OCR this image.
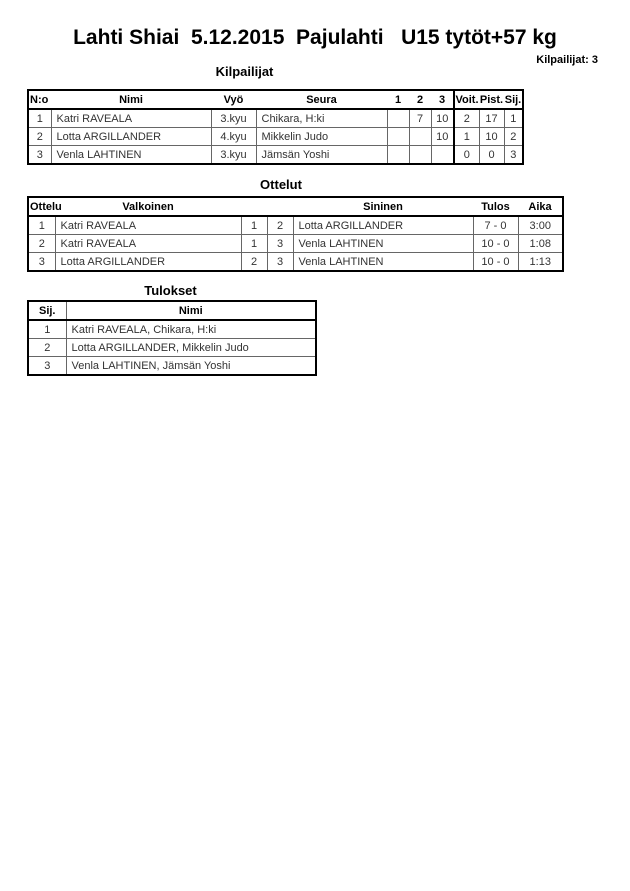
Lahti Shiai  5.12.2015  Pajulahti   U15 tytöt+57 kg
Kilpailijat: 3
Kilpailijat
N:o	Nimi	Vyö	Seura	1	2	3	Voit.	Pist.	Sij.
1	Katri RAVEALA	3.kyu	Chikara, H:ki		7	10	2	17	1
2	Lotta ARGILLANDER	4.kyu	Mikkelin Judo			10	1	10	2
3	Venla LAHTINEN	3.kyu	Jämsän Yoshi				0	0	3
Ottelut
Ottelu	Valkoinen			Sininen	Tulos	Aika
1	Katri RAVEALA	1	2	Lotta ARGILLANDER	7 - 0	3:00
2	Katri RAVEALA	1	3	Venla LAHTINEN	10 - 0	1:08
3	Lotta ARGILLANDER	2	3	Venla LAHTINEN	10 - 0	1:13
Tulokset
Sij.	Nimi
1	Katri RAVEALA, Chikara, H:ki
2	Lotta ARGILLANDER, Mikkelin Judo
3	Venla LAHTINEN, Jämsän Yoshi
